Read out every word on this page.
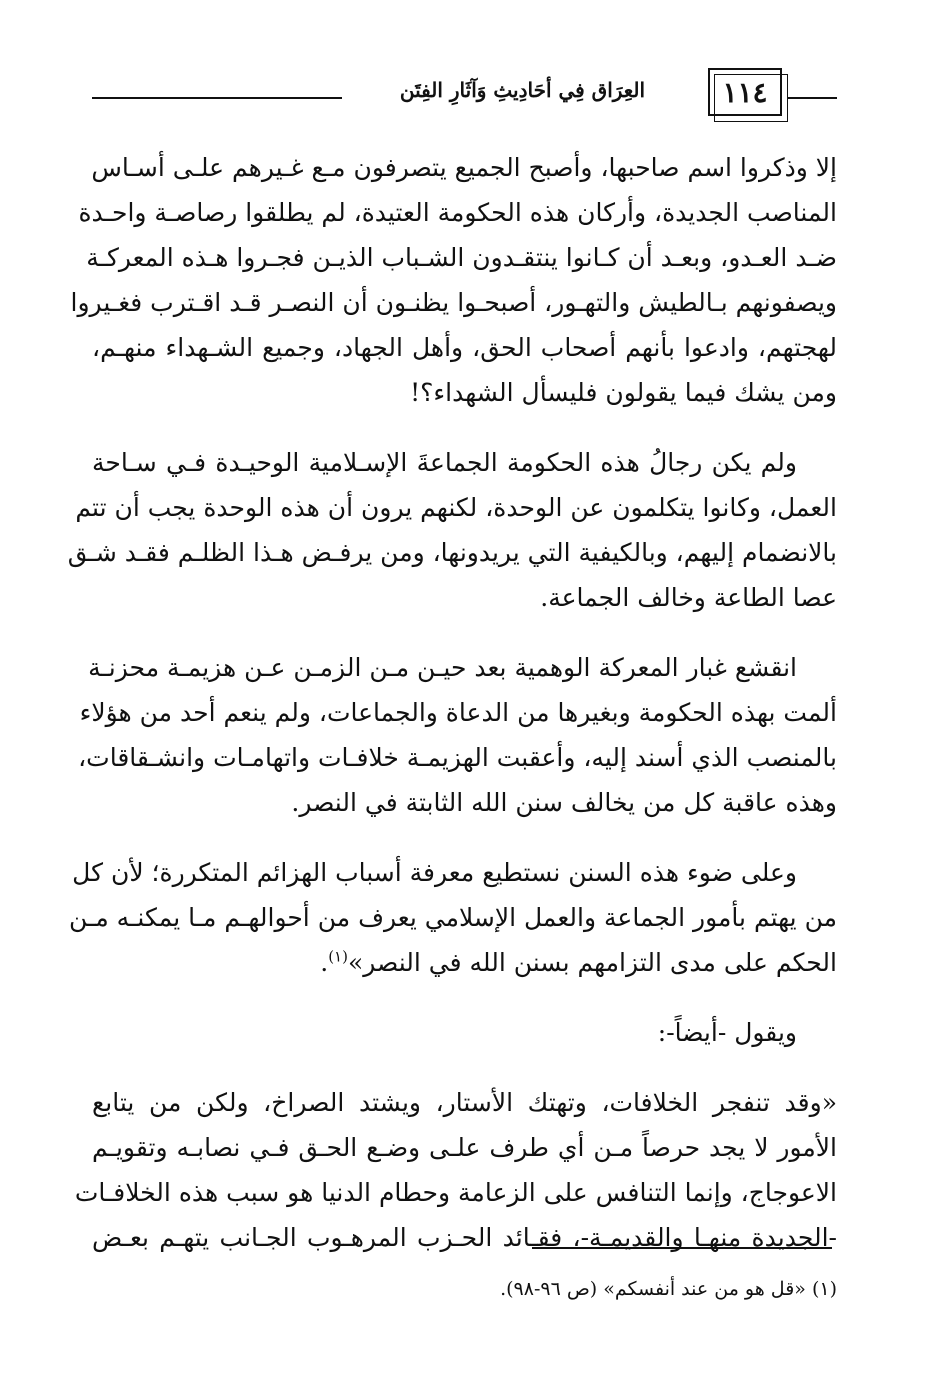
١١٤
العِرَاق فِي أحَادِيثِ وَآثَارِ الفِتَن
إلا وذكروا اسم صاحبها، وأصبح الجميع يتصرفون مـع غـيرهم علـى أسـاس
المناصب الجديدة، وأركان هذه الحكومة العتيدة، لم يطلقوا رصاصـة واحـدة
ضـد العـدو، وبعـد أن كـانوا ينتقـدون الشـباب الذيـن فجـروا هـذه المعركـة
ويصفونهم بـالطيش والتهـور، أصبحـوا يظنـون أن النصـر قـد اقـترب فغـيروا
لهجتهم، وادعوا بأنهم أصحاب الحق، وأهل الجهاد، وجميع الشـهداء منهـم،
ومن يشك فيما يقولون فليسأل الشهداء؟!
ولم يكن رجالُ هذه الحكومة الجماعةَ الإسـلامية الوحيـدة فـي سـاحة
العمل، وكانوا يتكلمون عن الوحدة، لكنهم يرون أن هذه الوحدة يجب أن تتم
بالانضمام إليهم، وبالكيفية التي يريدونها، ومن يرفـض هـذا الظلـم فقـد شـق
عصا الطاعة وخالف الجماعة.
انقشع غبار المعركة الوهمية بعد حيـن مـن الزمـن عـن هزيمـة محزنـة
ألمت بهذه الحكومة وبغيرها من الدعاة والجماعات، ولم ينعم أحد من هؤلاء
بالمنصب الذي أسند إليه، وأعقبت الهزيمـة خلافـات واتهامـات وانشـقاقات،
وهذه عاقبة كل من يخالف سنن الله الثابتة في النصر.
وعلى ضوء هذه السنن نستطيع معرفة أسباب الهزائم المتكررة؛ لأن كل
من يهتم بأمور الجماعة والعمل الإسلامي يعرف من أحوالهـم مـا يمكنـه مـن
الحكم على مدى التزامهم بسنن الله في النصر»$^{(١)}$.
ويقول -أيضاً-:
«وقد تنفجر الخلافات، وتهتك الأستار، ويشتد الصراخ، ولكن من يتابع
الأمور لا يجد حرصاً مـن أي طرف علـى وضـع الحـق فـي نصابـه وتقويـم
الاعوجاج، وإنما التنافس على الزعامة وحطام الدنيا هو سبب هذه الخلافـات
-الجديدة منهـا والقديمـة-، فقـائد الحـزب المرهـوب الجـانب يتهـم بعـض
(١) «قل هو من عند أنفسكم» (ص ٩٦-٩٨).
